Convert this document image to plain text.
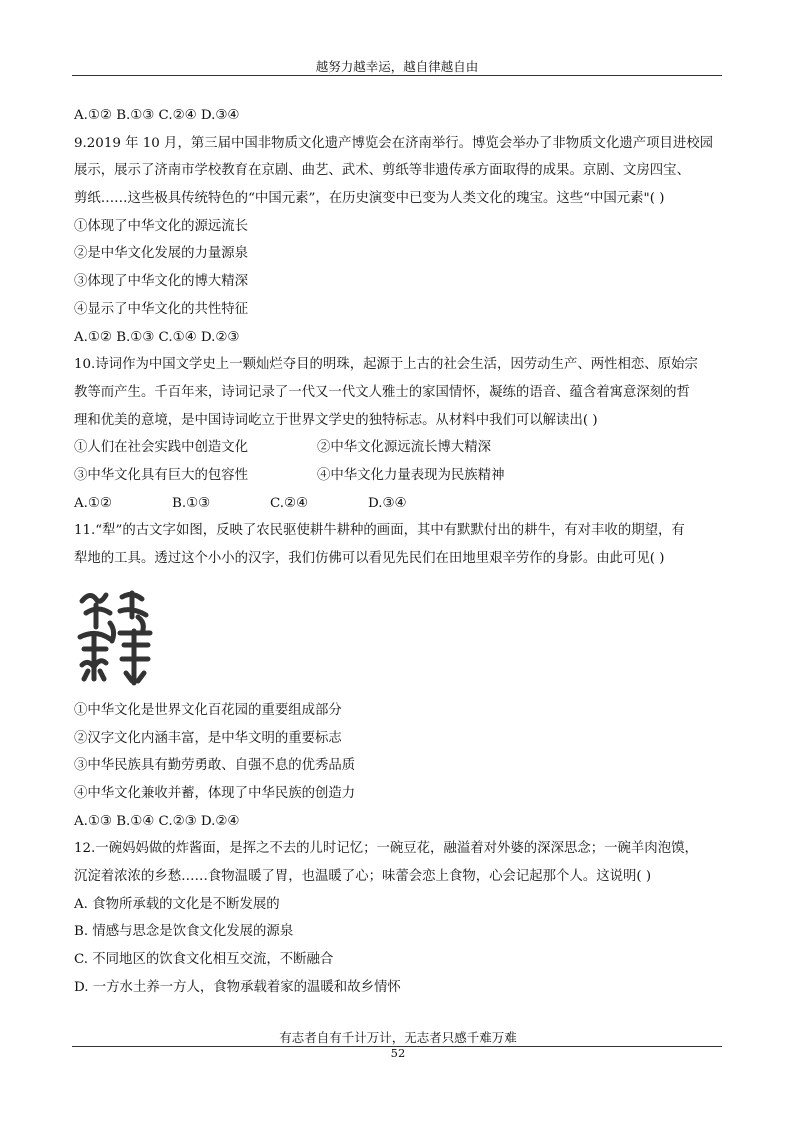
越努力越幸运，越自律越自由
A.①② B.①③ C.②④ D.③④
9.2019 年 10 月，第三届中国非物质文化遗产博览会在济南举行。博览会举办了非物质文化遗产项目进校园
展示，展示了济南市学校教育在京剧、曲艺、武术、剪纸等非遗传承方面取得的成果。京剧、文房四宝、
剪纸……这些极具传统特色的“中国元素”，在历史演变中已变为人类文化的瑰宝。这些“中国元素"( )
①体现了中华文化的源远流长
②是中华文化发展的力量源泉
③体现了中华文化的博大精深
④显示了中华文化的共性特征
A.①② B.①③ C.①④ D.②③
10.诗词作为中国文学史上一颗灿烂夺目的明珠，起源于上古的社会生活，因劳动生产、两性相恋、原始宗
教等而产生。千百年来，诗词记录了一代又一代文人雅士的家国情怀，凝练的语音、蕴含着寓意深刻的哲
理和优美的意境，是中国诗词屹立于世界文学史的独特标志。从材料中我们可以解读出( )
①人们在社会实践中创造文化	②中华文化源远流长博大精深
③中华文化具有巨大的包容性	④中华文化力量表现为民族精神
A.①②	B.①③	C.②④	D.③④
11.“犁”的古文字如图，反映了农民驱使耕牛耕种的画面，其中有默默付出的耕牛，有对丰收的期望，有
犁地的工具。透过这个小小的汉字，我们仿佛可以看见先民们在田地里艰辛劳作的身影。由此可见( )
①中华文化是世界文化百花园的重要组成部分
②汉字文化内涵丰富，是中华文明的重要标志
③中华民族具有勤劳勇敢、自强不息的优秀品质
④中华文化兼收并蓄，体现了中华民族的创造力
A.①③ B.①④ C.②③ D.②④
12.一碗妈妈做的炸酱面，是挥之不去的儿时记忆；一碗豆花，融溢着对外婆的深深思念；一碗羊肉泡馍，
沉淀着浓浓的乡愁……食物温暖了胃，也温暖了心；味蕾会恋上食物，心会记起那个人。这说明( )
A. 食物所承载的文化是不断发展的
B. 情感与思念是饮食文化发展的源泉
C. 不同地区的饮食文化相互交流，不断融合
D. 一方水土养一方人，食物承载着家的温暖和故乡情怀
有志者自有千计万计，无志者只感千难万难
52
